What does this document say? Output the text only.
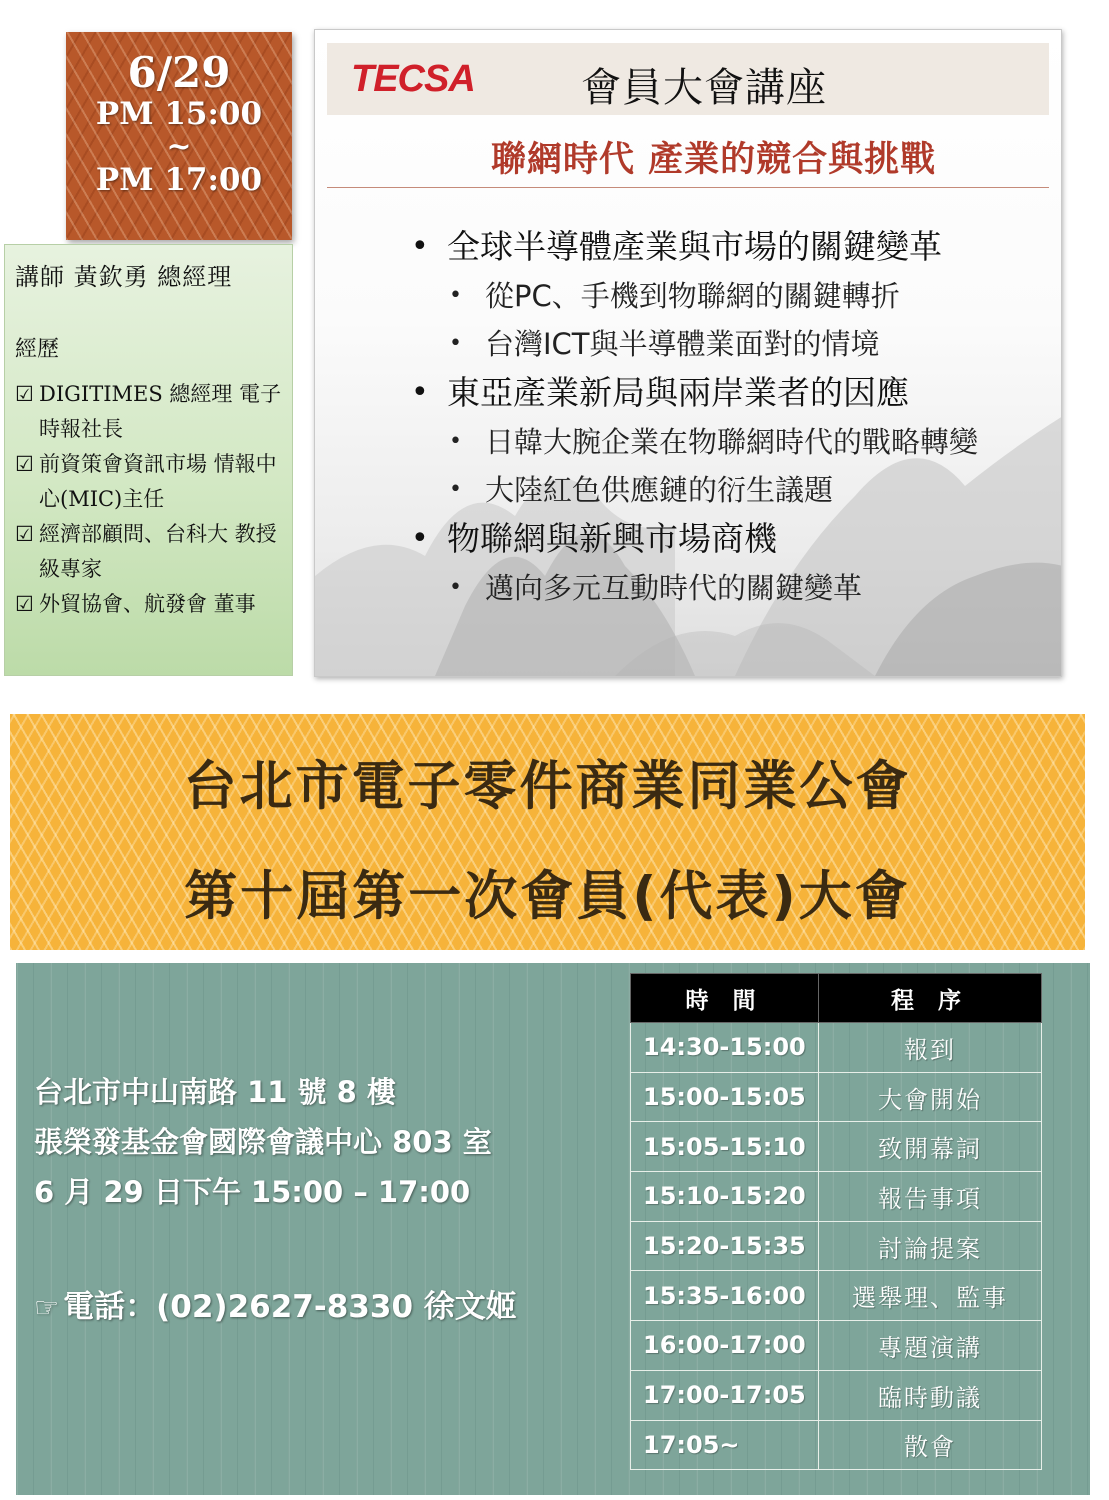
6/29
PM 15:00
~
PM 17:00
講師 黃欽勇 總經理
經歷
☑ DIGITIMES 總經理 電子時報社長
☑ 前資策會資訊市場 情報中心(MIC)主任
☑ 經濟部顧問、台科大 教授級專家
☑ 外貿協會、航發會 董事
TECSA	會員大會講座
聯網時代 產業的競合與挑戰
• 全球半導體產業與市場的關鍵變革
• 從PC、手機到物聯網的關鍵轉折
• 台灣ICT與半導體業面對的情境
• 東亞產業新局與兩岸業者的因應
• 日韓大腕企業在物聯網時代的戰略轉變
• 大陸紅色供應鏈的衍生議題
• 物聯網與新興市場商機
• 邁向多元互動時代的關鍵變革
台北市電子零件商業同業公會
第十屆第一次會員(代表)大會
台北市中山南路 11 號 8 樓
張榮發基金會國際會議中心 803 室
6 月 29 日下午 15:00 – 17:00
☞ 電話：(02)2627-8330 徐文姬
時 間	程 序
14:30-15:00	報到
15:00-15:05	大會開始
15:05-15:10	致開幕詞
15:10-15:20	報告事項
15:20-15:35	討論提案
15:35-16:00	選舉理、監事
16:00-17:00	專題演講
17:00-17:05	臨時動議
17:05~	散會
